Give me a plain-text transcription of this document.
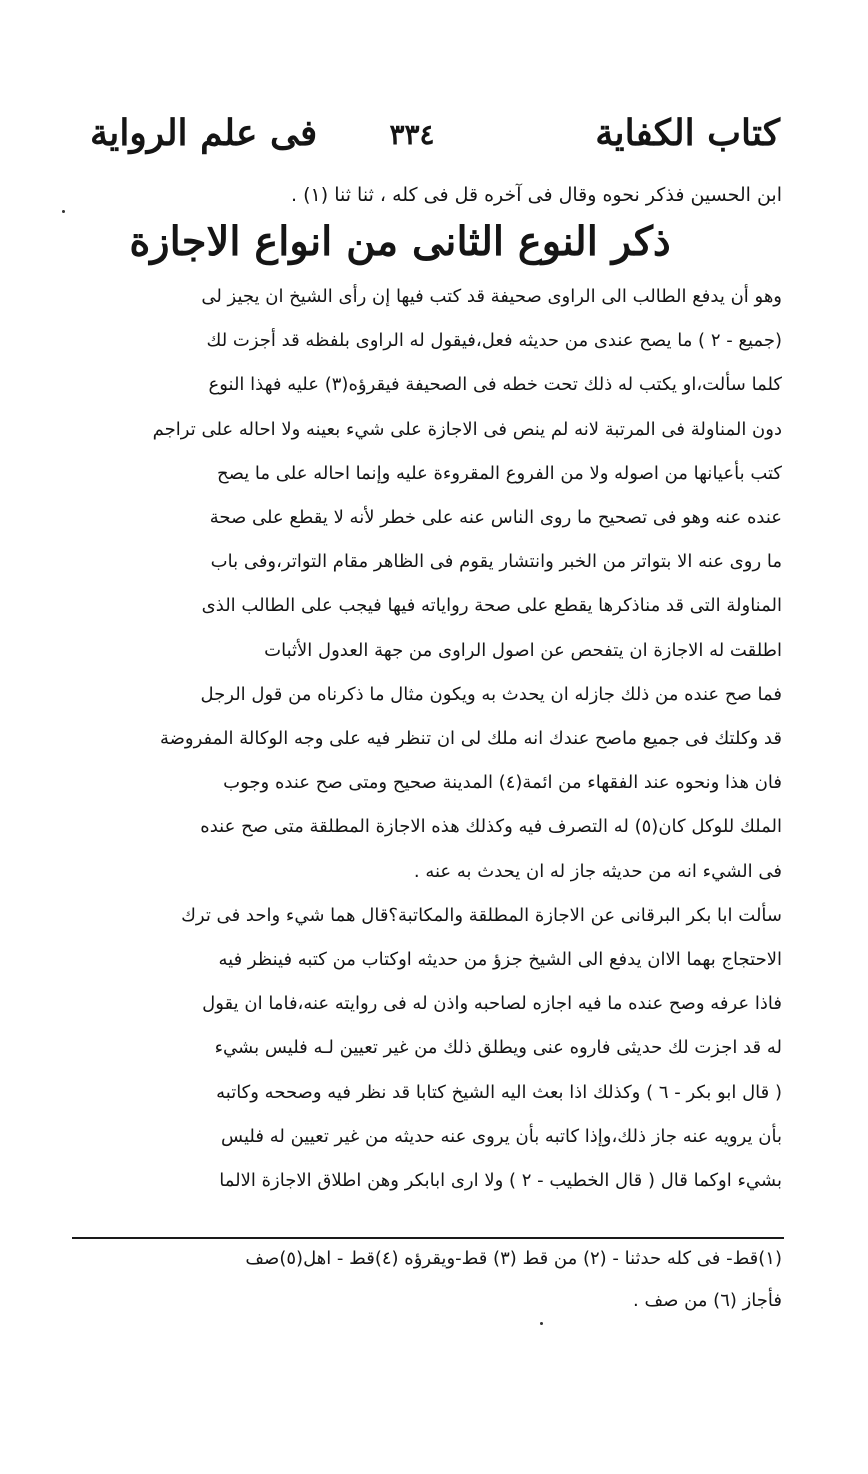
كتاب الكفاية
٣٣٤
فى علم الرواية
ابن الحسين فذكر نحوه وقال فى آخره قل فى كله ، ثنا ثنا (١) .
ذكر النوع الثانى من انواع الاجازة
وهو أن يدفع الطالب الى الراوى صحيفة قد كتب فيها إن رأى الشيخ ان يجيز لى
(جميع - ٢ ) ما يصح عندى من حديثه فعل،فيقول له الراوى بلفظه قد أجزت لك
كلما سألت،او يكتب له ذلك تحت خطه فى الصحيفة فيقرؤه(٣) عليه فهذا النوع
دون المناولة فى المرتبة لانه لم ينص فى الاجازة على شيء بعينه ولا احاله على تراجم
كتب بأعيانها من اصوله ولا من الفروع المقروءة عليه وإنما احاله على ما يصح
عنده عنه وهو فى تصحيح ما روى الناس عنه على خطر لأنه لا يقطع على صحة
ما روى عنه الا بتواتر من الخبر وانتشار يقوم فى الظاهر مقام التواتر،وفى باب
المناولة التى قد مناذكرها يقطع على صحة رواياته فيها فيجب على الطالب الذى
اطلقت له الاجازة ان يتفحص عن اصول الراوى من جهة العدول الأثبات
فما صح عنده من ذلك جازله ان يحدث به ويكون مثال ما ذكرناه من قول الرجل
قد وكلتك فى جميع ماصح عندك انه ملك لى ان تنظر فيه على وجه الوكالة المفروضة
فان هذا ونحوه عند الفقهاء من ائمة(٤) المدينة صحيح ومتى صح عنده وجوب
الملك للوكل كان(٥) له التصرف فيه وكذلك هذه الاجازة المطلقة متى صح عنده
فى الشيء انه من حديثه جاز له ان يحدث به عنه .
سألت ابا بكر البرقانى عن الاجازة المطلقة والمكاتبة؟قال هما شيء واحد فى ترك
الاحتجاج بهما الاان يدفع الى الشيخ جزؤ من حديثه اوكتاب من كتبه فينظر فيه
فاذا عرفه وصح عنده ما فيه اجازه لصاحبه واذن له فى روايته عنه،فاما ان يقول
له قد اجزت لك حديثى فاروه عنى ويطلق ذلك من غير تعيين لـه فليس بشيء
( قال ابو بكر - ٦ ) وكذلك اذا بعث اليه الشيخ كتابا قد نظر فيه وصححه وكاتبه
بأن يرويه عنه جاز ذلك،وإذا كاتبه بأن يروى عنه حديثه من غير تعيين له فليس
بشيء اوكما قال ( قال الخطيب - ٢ ) ولا ارى ابابكر وهن اطلاق الاجازة الالما
(١)قط- فى كله حدثنا - (٢) من قط (٣) قط-ويقرؤه (٤)قط - اهل(٥)صف
فأجاز (٦) من صف .
